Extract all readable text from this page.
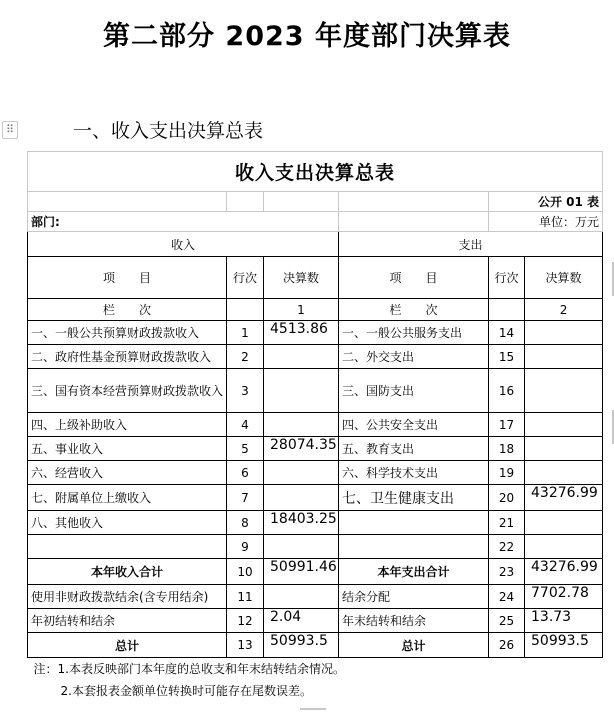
第二部分 2023 年度部门决算表
⠿	一、收入支出决算总表
收入支出决算总表					
				公开 01 表	
部门:				单位：万元	
收入			支出		
项　　目	行次	决算数	项　　目	行次	决算数
栏　　次		1	栏　　次		2
一、一般公共预算财政拨款收入	1	4513.86	一、一般公共服务支出	14	
二、政府性基金预算财政拨款收入	2		二、外交支出	15	
三、国有资本经营预算财政拨款收入	3		三、国防支出	16	
四、上级补助收入	4		四、公共安全支出	17	
五、事业收入	5	28074.35	五、教育支出	18	
六、经营收入	6		六、科学技术支出	19	
七、附属单位上缴收入	7		七、卫生健康支出	20	43276.99
八、其他收入	8	18403.25		21	
	9			22	
本年收入合计	10	50991.46	本年支出合计	23	43276.99
使用非财政拨款结余(含专用结余)	11		结余分配	24	7702.78
年初结转和结余	12	2.04	年末结转和结余	25	13.73
总计	13	50993.5	总计	26	50993.5
注：1.本表反映部门本年度的总收支和年末结转结余情况。					
2.本套报表金额单位转换时可能存在尾数误差。					
